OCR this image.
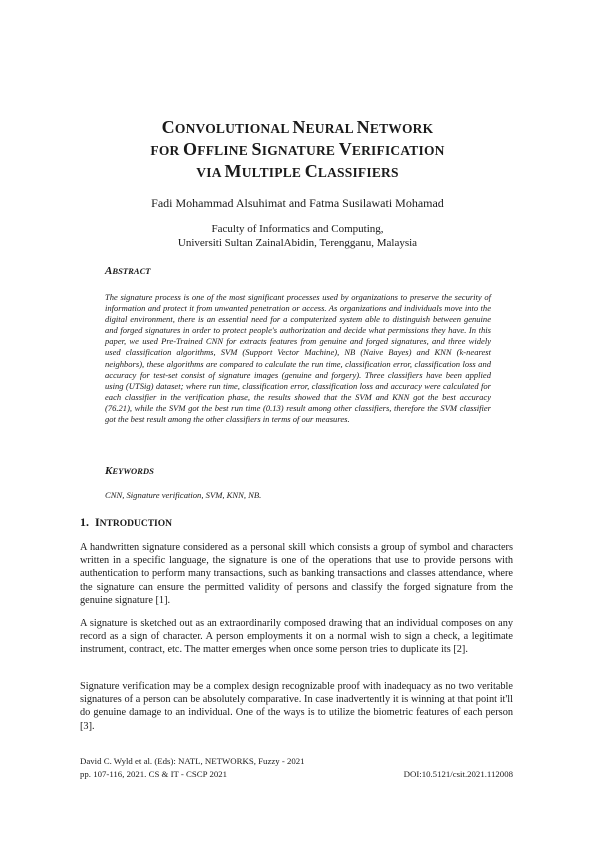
CONVOLUTIONAL NEURAL NETWORK
FOR OFFLINE SIGNATURE VERIFICATION
VIA MULTIPLE CLASSIFIERS
Fadi Mohammad Alsuhimat and Fatma Susilawati Mohamad
Faculty of Informatics and Computing,
Universiti Sultan ZainalAbidin, Terengganu, Malaysia
ABSTRACT
The signature process is one of the most significant processes used by organizations to preserve the security of information and protect it from unwanted penetration or access. As organizations and individuals move into the digital environment, there is an essential need for a computerized system able to distinguish between genuine and forged signatures in order to protect people's authorization and decide what permissions they have. In this paper, we used Pre-Trained CNN for extracts features from genuine and forged signatures, and three widely used classification algorithms, SVM (Support Vector Machine), NB (Naive Bayes) and KNN (k-nearest neighbors), these algorithms are compared to calculate the run time, classification error, classification loss and accuracy for test-set consist of signature images (genuine and forgery). Three classifiers have been applied using (UTSig) dataset; where run time, classification error, classification loss and accuracy were calculated for each classifier in the verification phase, the results showed that the SVM and KNN got the best accuracy (76.21), while the SVM got the best run time (0.13) result among other classifiers, therefore the SVM classifier got the best result among the other classifiers in terms of our measures.
KEYWORDS
CNN, Signature verification, SVM, KNN, NB.
1. INTRODUCTION
A handwritten signature considered as a personal skill which consists a group of symbol and characters written in a specific language, the signature is one of the operations that use to provide persons with authentication to perform many transactions, such as banking transactions and classes attendance, where the signature can ensure the permitted validity of persons and classify the forged signature from the genuine signature [1].
A signature is sketched out as an extraordinarily composed drawing that an individual composes on any record as a sign of character. A person employments it on a normal wish to sign a check, a legitimate instrument, contract, etc. The matter emerges when once some person tries to duplicate its [2].
Signature verification may be a complex design recognizable proof with inadequacy as no two veritable signatures of a person can be absolutely comparative. In case inadvertently it is winning at that point it'll do genuine damage to an individual. One of the ways is to utilize the biometric features of each person [3].
David C. Wyld et al. (Eds): NATL, NETWORKS, Fuzzy - 2021
pp. 107-116, 2021. CS & IT - CSCP 2021	DOI:10.5121/csit.2021.112008
